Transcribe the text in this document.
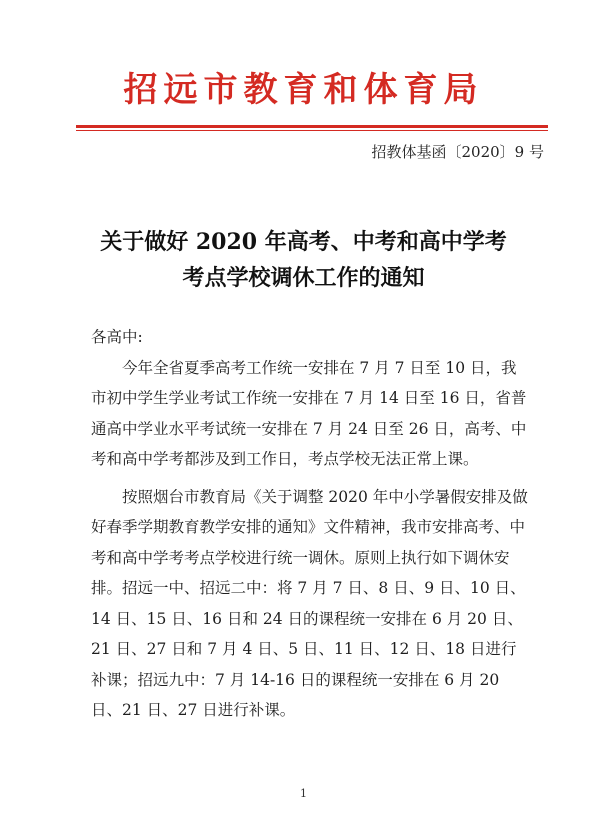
招远市教育和体育局
招教体基函〔2020〕9 号
关于做好 2020 年高考、中考和高中学考
考点学校调休工作的通知

各高中:

今年全省夏季高考工作统一安排在 7 月 7 日至 10 日，我市初中学生学业考试工作统一安排在 7 月 14 日至 16 日，省普通高中学业水平考试统一安排在 7 月 24 日至 26 日，高考、中考和高中学考都涉及到工作日，考点学校无法正常上课。

按照烟台市教育局《关于调整 2020 年中小学暑假安排及做好春季学期教育教学安排的通知》文件精神，我市安排高考、中考和高中学考考点学校进行统一调休。原则上执行如下调休安排。招远一中、招远二中：将 7 月 7 日、8 日、9 日、10 日、14 日、15 日、16 日和 24 日的课程统一安排在 6 月 20 日、21 日、27 日和 7 月 4 日、5 日、11 日、12 日、18 日进行补课；招远九中：7 月 14-16 日的课程统一安排在 6 月 20 日、21 日、27 日进行补课。

1
